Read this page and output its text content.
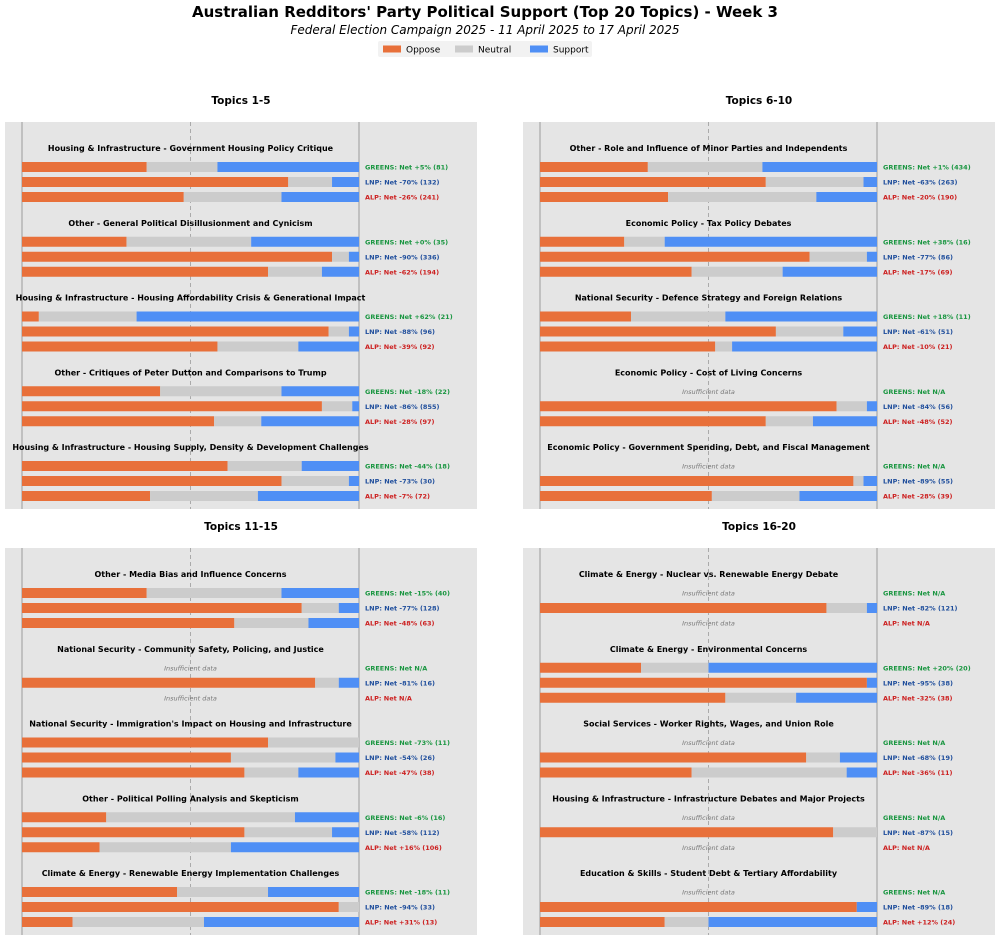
Australian Redditors' Party Political Support (Top 20 Topics) - Week 3
Federal Election Campaign 2025 - 11 April 2025 to 17 April 2025
Oppose	Neutral	Support
Topics 1-5
Housing & Infrastructure - Government Housing Policy Critique
GREENS: Net +5% (81)
LNP: Net -70% (132)
ALP: Net -26% (241)
Other - General Political Disillusionment and Cynicism
GREENS: Net +0% (35)
LNP: Net -90% (336)
ALP: Net -62% (194)
Housing & Infrastructure - Housing Affordability Crisis & Generational Impact
GREENS: Net +62% (21)
LNP: Net -88% (96)
ALP: Net -39% (92)
Other - Critiques of Peter Dutton and Comparisons to Trump
GREENS: Net -18% (22)
LNP: Net -86% (855)
ALP: Net -28% (97)
Housing & Infrastructure - Housing Supply, Density & Development Challenges
GREENS: Net -44% (18)
LNP: Net -73% (30)
ALP: Net -7% (72)
Topics 6-10
Other - Role and Influence of Minor Parties and Independents
GREENS: Net +1% (434)
LNP: Net -63% (263)
ALP: Net -20% (190)
Economic Policy - Tax Policy Debates
GREENS: Net +38% (16)
LNP: Net -77% (86)
ALP: Net -17% (69)
National Security - Defence Strategy and Foreign Relations
GREENS: Net +18% (11)
LNP: Net -61% (51)
ALP: Net -10% (21)
Economic Policy - Cost of Living Concerns
Insufficient data	GREENS: Net N/A
LNP: Net -84% (56)
ALP: Net -48% (52)
Economic Policy - Government Spending, Debt, and Fiscal Management
Insufficient data	GREENS: Net N/A
LNP: Net -89% (55)
ALP: Net -28% (39)
Topics 11-15
Other - Media Bias and Influence Concerns
GREENS: Net -15% (40)
LNP: Net -77% (128)
ALP: Net -48% (63)
National Security - Community Safety, Policing, and Justice
Insufficient data	GREENS: Net N/A
LNP: Net -81% (16)
Insufficient data	ALP: Net N/A
National Security - Immigration's Impact on Housing and Infrastructure
GREENS: Net -73% (11)
LNP: Net -54% (26)
ALP: Net -47% (38)
Other - Political Polling Analysis and Skepticism
GREENS: Net -6% (16)
LNP: Net -58% (112)
ALP: Net +16% (106)
Climate & Energy - Renewable Energy Implementation Challenges
GREENS: Net -18% (11)
LNP: Net -94% (33)
ALP: Net +31% (13)
Topics 16-20
Climate & Energy - Nuclear vs. Renewable Energy Debate
Insufficient data	GREENS: Net N/A
LNP: Net -82% (121)
Insufficient data	ALP: Net N/A
Climate & Energy - Environmental Concerns
GREENS: Net +20% (20)
LNP: Net -95% (38)
ALP: Net -32% (38)
Social Services - Worker Rights, Wages, and Union Role
Insufficient data	GREENS: Net N/A
LNP: Net -68% (19)
ALP: Net -36% (11)
Housing & Infrastructure - Infrastructure Debates and Major Projects
Insufficient data	GREENS: Net N/A
LNP: Net -87% (15)
Insufficient data	ALP: Net N/A
Education & Skills - Student Debt & Tertiary Affordability
Insufficient data	GREENS: Net N/A
LNP: Net -89% (18)
ALP: Net +12% (24)
